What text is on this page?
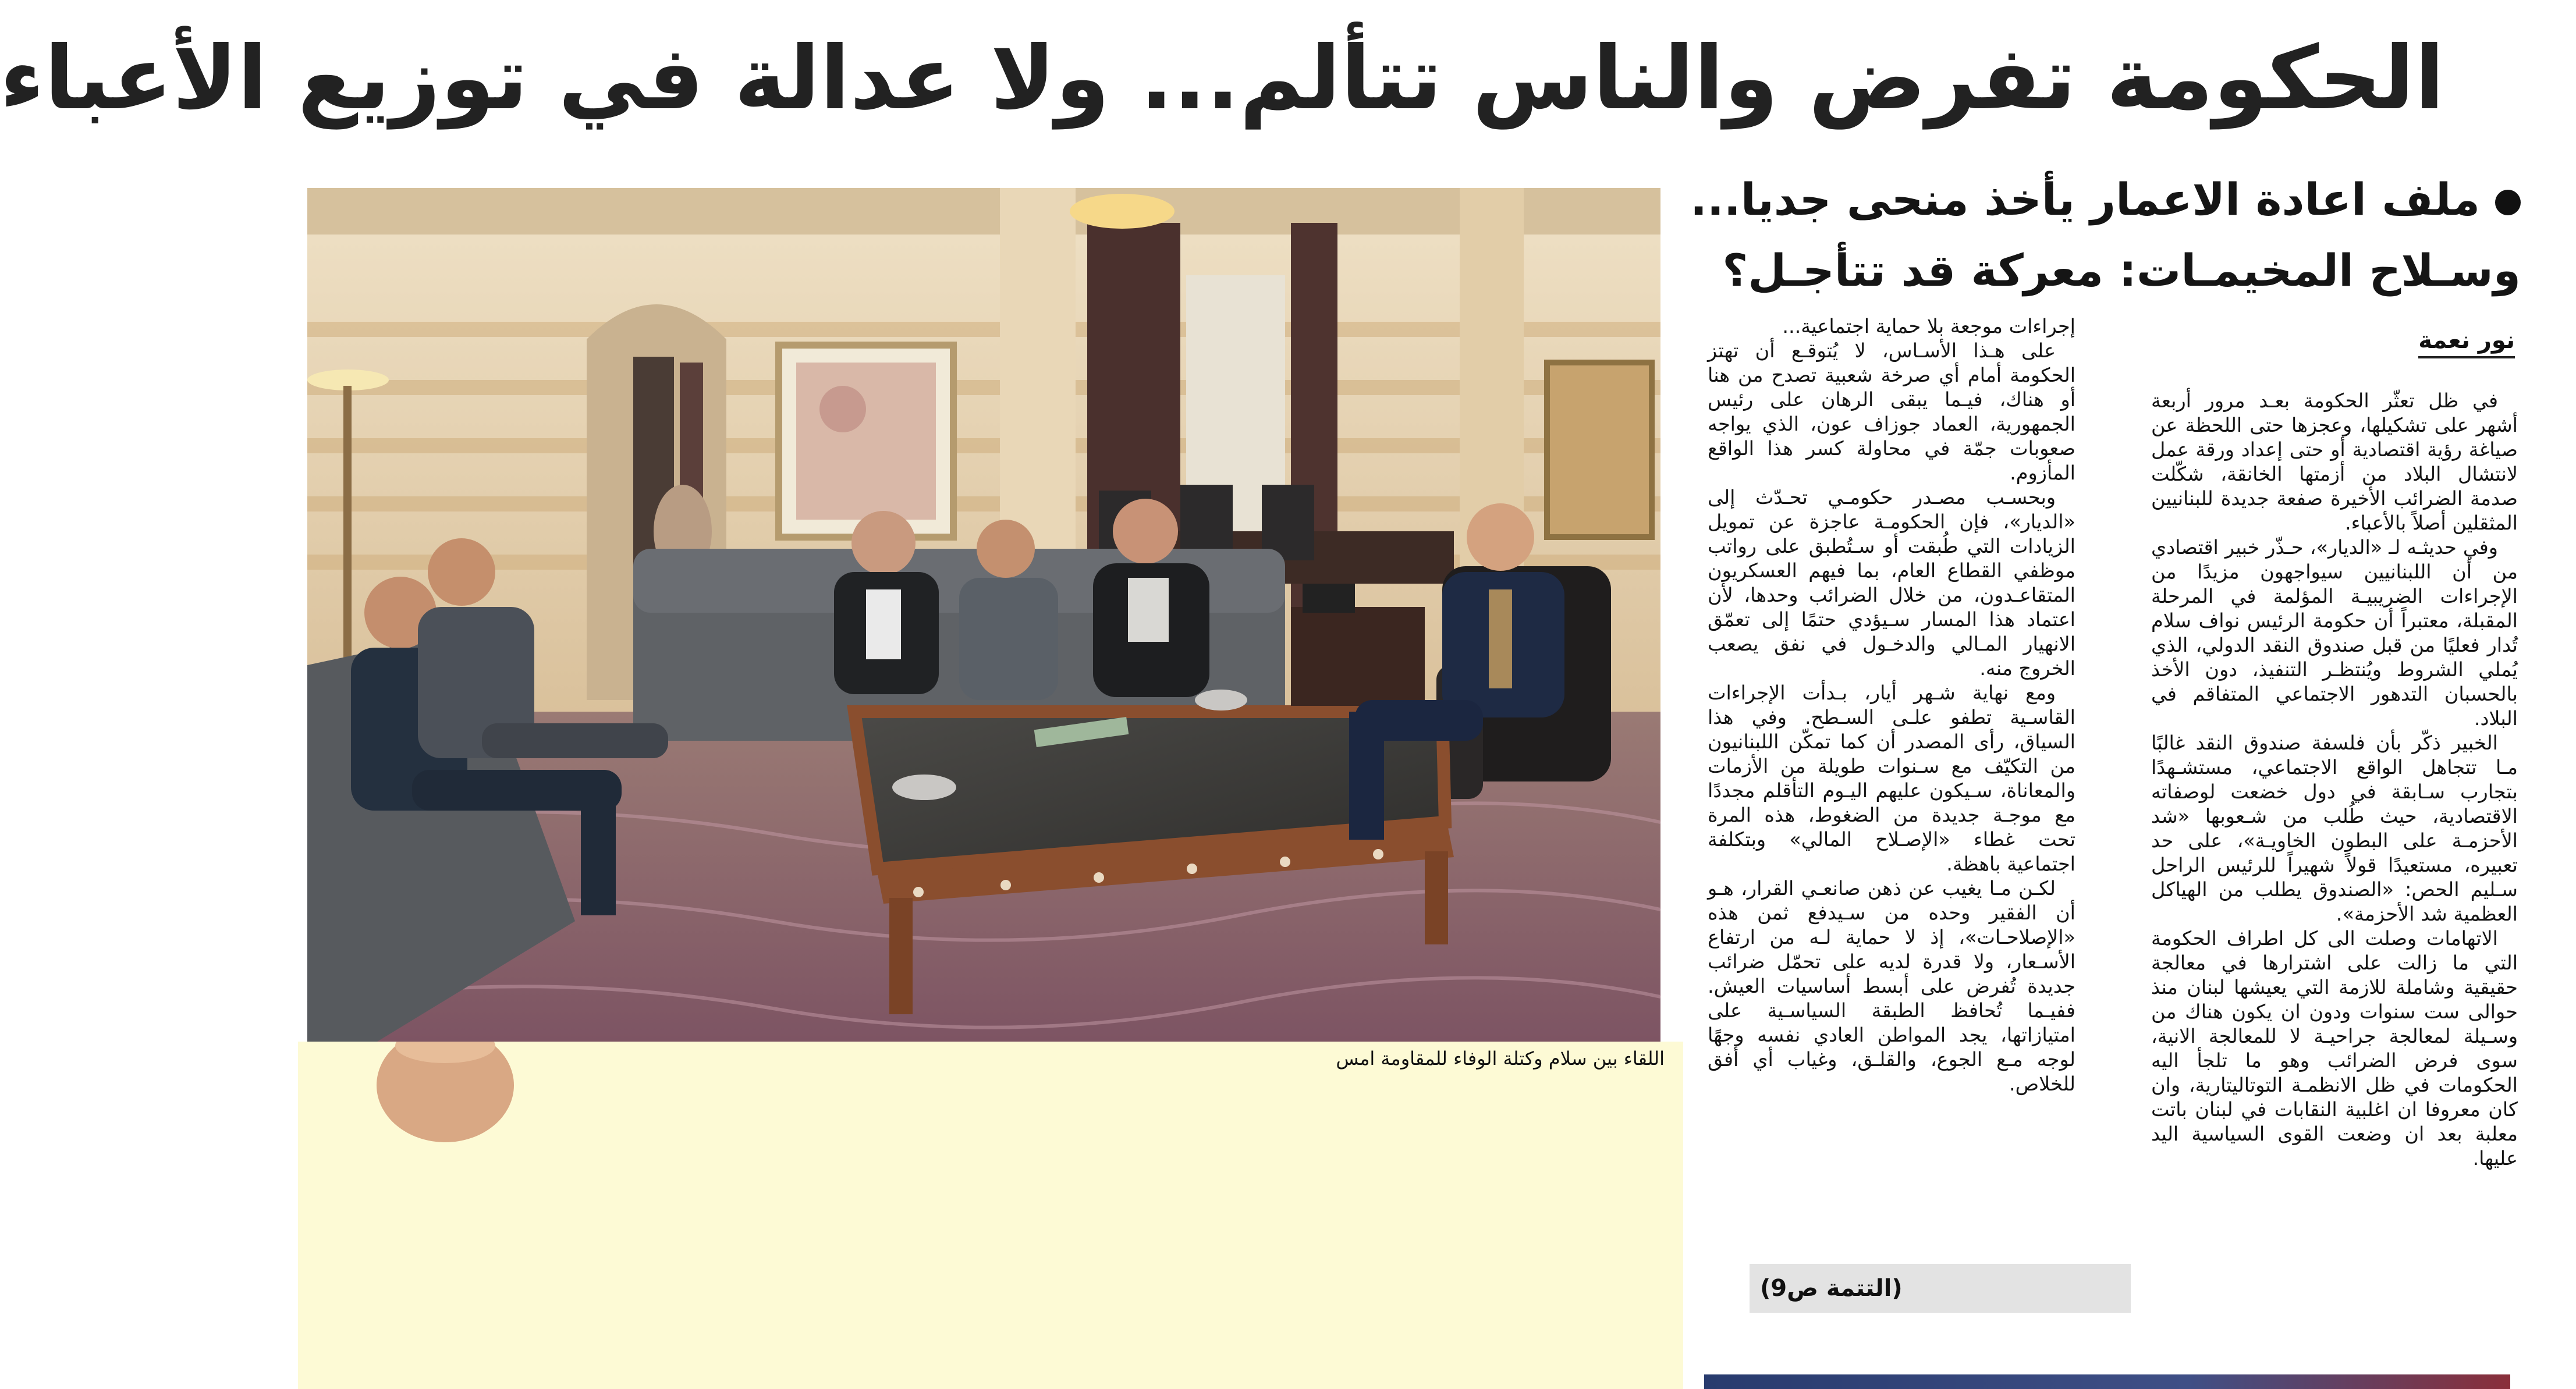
الحكومة تفرض والناس تتألم... ولا عدالة في توزيع الأعباء
ملف اعادة الاعمار يأخذ منحى جديا...
وسـلاح المخيمـات: معركة قد تتأجـل؟
نور نعمة

في ظل تعثّر الحكومة بعـد مرور أربعة أشهر على تشكيلها، وعجزها حتى اللحظة عن صياغة رؤية اقتصادية أو حتى إعداد ورقة عمل لانتشال البلاد من أزمتها الخانقة، شكّلت صدمة الضرائب الأخيرة صفعة جديدة للبنانيين المثقلين أصلاً بالأعباء.

وفي حديثـه لـ «الديار»، حـذّر خبير اقتصادي من أن اللبنانيين سيواجهون مزيدًا من الإجراءات الضريبيـة المؤلمة في المرحلة المقبلة، معتبراً أن حكومة الرئيس نواف سلام تُدار فعليًا من قبل صندوق النقد الدولي، الذي يُملي الشروط ويُنتظـر التنفيذ، دون الأخذ بالحسبان التدهور الاجتماعي المتفاقم في البلاد.

الخبير ذكّر بأن فلسفة صندوق النقد غالبًا مـا تتجاهل الواقع الاجتماعي، مستشـهدًا بتجارب سـابقة في دول خضعت لوصفاته الاقتصادية، حيث طُلب من شـعوبها «شد الأحزمـة على البطون الخاويـة»، على حد تعبيره، مستعيدًا قولاً شهيراً للرئيس الراحل سـليم الحص: «الصندوق يطلب من الهياكل العظمية شد الأحزمة».

الاتهامات وصلت الى كل اطراف الحكومة التي ما زالت على اشترارها في معالجة حقيقية وشاملة للازمة التي يعيشها لبنان منذ حوالى ست سنوات ودون ان يكون هناك من وسـيلة لمعالجة جراحيـة لا للمعالجة الانية، سوى فرض الضرائب وهو ما تلجأ اليه الحكومات في ظل الانظمـة التوتاليتارية، وان كان معروفا ان اغلبية النقابات في لبنان باتت معلبة بعد ان وضعت القوى السياسية اليد عليها.

إجراءات موجعة بلا حماية اجتماعية...

على هـذا الأسـاس، لا يُتوقـع أن تهتز الحكومة أمام أي صرخة شعبية تصدح من هنا أو هناك، فيـما يبقى الرهان على رئيس الجمهورية، العماد جوزاف عون، الذي يواجه صعوبات جمّة في محاولة كسر هذا الواقع المأزوم.

وبحسـب مصـدر حكومـي تحـدّث إلى «الديار»، فإن الحكومـة عاجزة عن تمويل الزيادات التي طُبقت أو سـتُطبق على رواتب موظفي القطاع العام، بما فيهم العسكريون المتقاعـدون، من خلال الضرائب وحدها، لأن اعتماد هذا المسار سـيؤدي حتمًا إلى تعمّق الانهيار المـالي والدخـول في نفق يصعب الخروج منه.

ومع نهاية شـهر أيار، بـدأت الإجراءات القاسـية تطفو علـى السـطح. وفي هذا السياق، رأى المصدر أن كما تمكّن اللبنانيون من التكيّف مع سـنوات طويلة من الأزمات والمعاناة، سـيكون عليهم اليـوم التأقلم مجددًا مع موجـة جديدة من الضغوط، هذه المرة تحت غطاء «الإصـلاح المالي» وبتكلفة اجتماعية باهظة.

لكـن مـا يغيب عن ذهن صانعـي القرار، هـو أن الفقير وحده من سـيدفع ثمن هذه «الإصلاحـات»، إذ لا حماية لـه من ارتفاع الأسـعار، ولا قدرة لديه على تحمّل ضرائب جديدة تُفرض على أبسط أساسيات العيش. ففيـما تُحافظ الطبقة السياسـية على امتيازاتها، يجد المواطن العادي نفسه وجهًا لوجه مـع الجوع، والقلـق، وغياب أي أفق للخلاص.

(التتمة ص9)
اللقاء بين سلام وكتلة الوفاء للمقاومة امس
